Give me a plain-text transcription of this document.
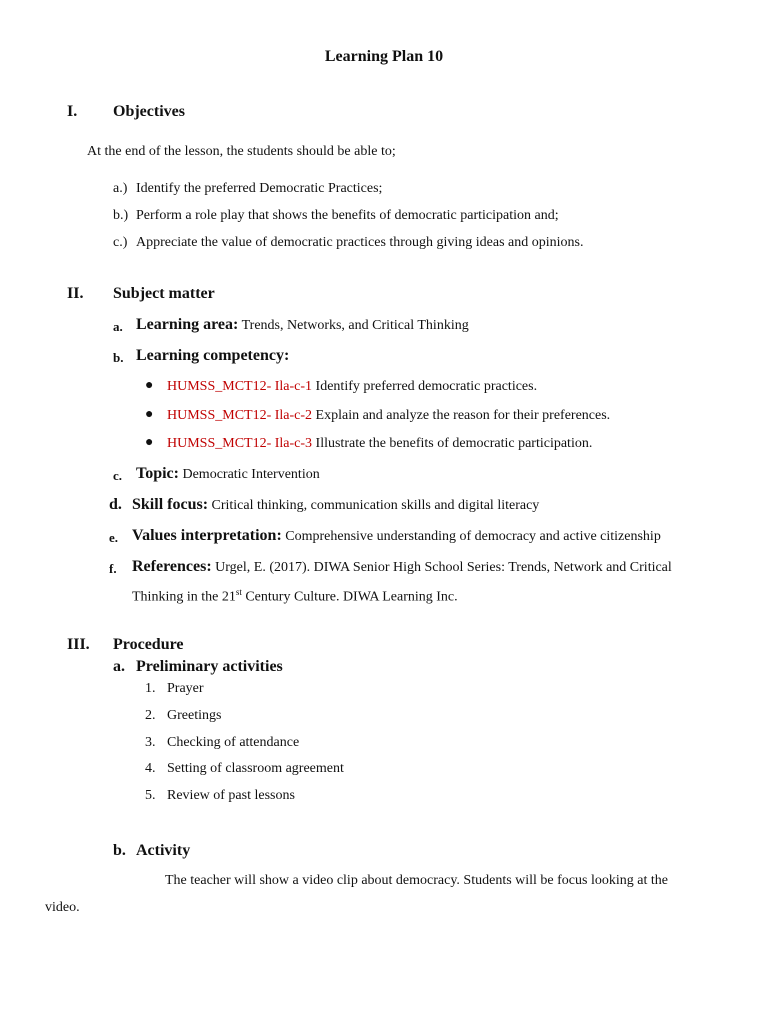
Learning Plan 10
I. Objectives
At the end of the lesson, the students should be able to;
a.) Identify the preferred Democratic Practices;
b.) Perform a role play that shows the benefits of democratic participation and;
c.) Appreciate the value of democratic practices through giving ideas and opinions.
II. Subject matter
a. Learning area: Trends, Networks, and Critical Thinking
b. Learning competency:
● HUMSS_MCT12- Ila-c-1 Identify preferred democratic practices.
● HUMSS_MCT12- Ila-c-2 Explain and analyze the reason for their preferences.
● HUMSS_MCT12- Ila-c-3 Illustrate the benefits of democratic participation.
c. Topic: Democratic Intervention
d. Skill focus: Critical thinking, communication skills and digital literacy
e. Values interpretation: Comprehensive understanding of democracy and active citizenship
f. References: Urgel, E. (2017). DIWA Senior High School Series: Trends, Network and Critical
Thinking in the 21st Century Culture. DIWA Learning Inc.
III. Procedure
a. Preliminary activities
1. Prayer
2. Greetings
3. Checking of attendance
4. Setting of classroom agreement
5. Review of past lessons
b. Activity
The teacher will show a video clip about democracy. Students will be focus looking at the
video.
